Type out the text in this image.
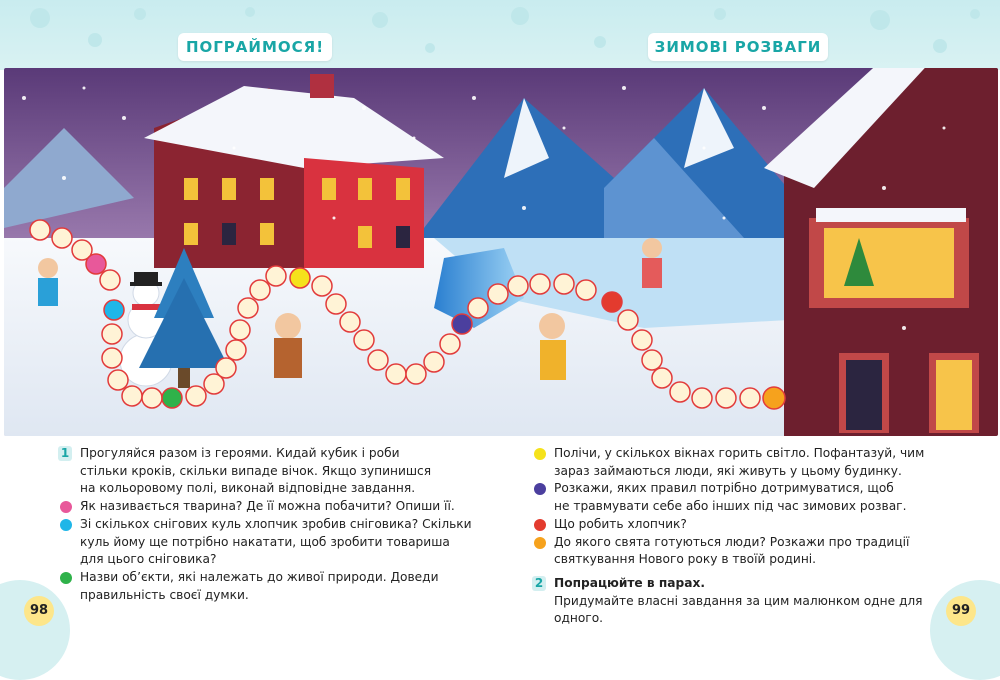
ПОГРАЙМОСЯ!	ЗИМОВІ РОЗВАГИ
98	99
1 Прогуляйся разом із героями. Кидай кубик і роби

стільки кроків, скільки випаде вічок. Якщо зупинишся

на кольоровому полі, виконай відповідне завдання.

Як називається тварина? Де її можна побачити? Опиши її.

Зі скількох снігових куль хлопчик зробив сніговика? Скільки

куль йому ще потрібно накатати, щоб зробити товариша

для цього сніговика?

Назви об’єкти, які належать до живої природи. Доведи

правильність своєї думки.

Полічи, у скількох вікнах горить світло. Пофантазуй, чим

зараз займаються люди, які живуть у цьому будинку.

Розкажи, яких правил потрібно дотримуватися, щоб

не травмувати себе або інших під час зимових розваг.

Що робить хлопчик?

До якого свята готуються люди? Розкажи про традиції

святкування Нового року в твоїй родині.

2 Попрацюйте в парах.

Придумайте власні завдання за цим малюнком одне для

одного.
